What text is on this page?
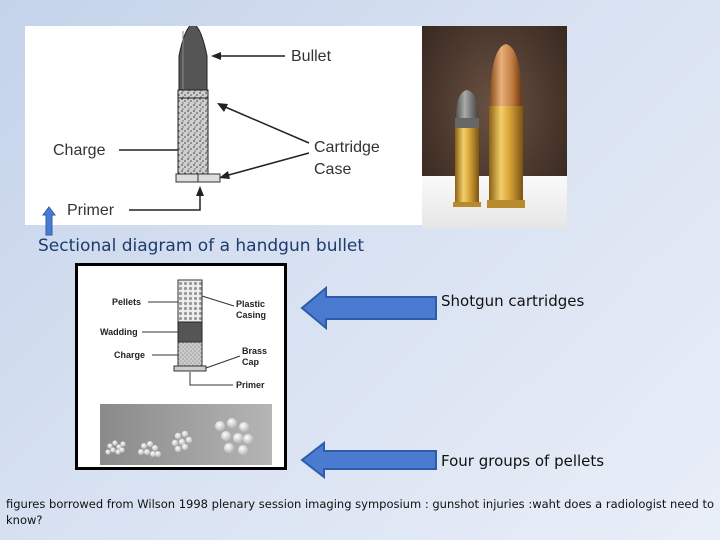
Bullet
Charge	Cartridge
Case
Primer
Sectional diagram of a handgun bullet
Pellets
Wadding
Charge
Plastic
Casing
Brass
Cap
Primer
Shotgun cartridges
Four groups of pellets
figures borrowed from Wilson 1998 plenary session imaging symposium : gunshot injuries :waht does a radiologist need to know?
